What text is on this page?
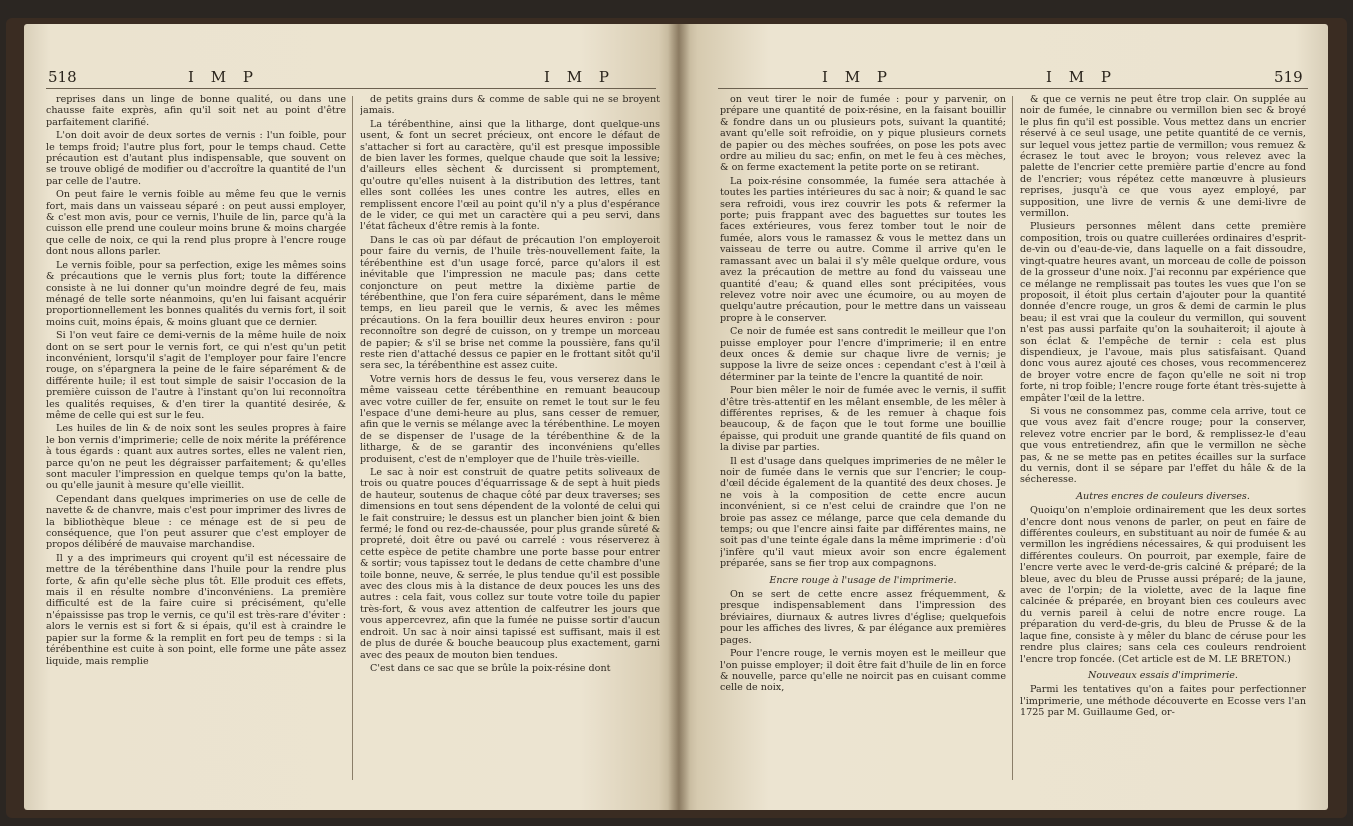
518	I M P	I M P

reprises dans un linge de bonne qualité, ou dans une chausse faite exprès, afin qu'il soit net au point d'être parfaitement clarifié.

L'on doit avoir de deux sortes de vernis : l'un foible, pour le temps froid; l'autre plus fort, pour le temps chaud. Cette précaution est d'autant plus indispensable, que souvent on se trouve obligé de modifier ou d'accroître la quantité de l'un par celle de l'autre.

On peut faire le vernis foible au même feu que le vernis fort, mais dans un vaisseau séparé : on peut aussi employer, & c'est mon avis, pour ce vernis, l'huile de lin, parce qu'à la cuisson elle prend une couleur moins brune & moins chargée que celle de noix, ce qui la rend plus propre à l'encre rouge dont nous allons parler.

Le vernis foible, pour sa perfection, exige les mêmes soins & précautions que le vernis plus fort; toute la différence consiste à ne lui donner qu'un moindre degré de feu, mais ménagé de telle sorte néanmoins, qu'en lui faisant acquérir proportionnellement les bonnes qualités du vernis fort, il soit moins cuit, moins épais, & moins gluant que ce dernier.

Si l'on veut faire ce demi-vernis de la même huile de noix dont on se sert pour le vernis fort, ce qui n'est qu'un petit inconvénient, lorsqu'il s'agit de l'employer pour faire l'encre rouge, on s'épargnera la peine de le faire séparément & de différente huile; il est tout simple de saisir l'occasion de la première cuisson de l'autre à l'instant qu'on lui reconnoîtra les qualités requises, & d'en tirer la quantité desirée, & même de celle qui est sur le feu.

Les huiles de lin & de noix sont les seules propres à faire le bon vernis d'imprimerie; celle de noix mérite la préférence à tous égards : quant aux autres sortes, elles ne valent rien, parce qu'on ne peut les dégraisser parfaitement; & qu'elles sont maculer l'impression en quelque temps qu'on la batte, ou qu'elle jaunit à mesure qu'elle vieillit.

Cependant dans quelques imprimeries on use de celle de navette & de chanvre, mais c'est pour imprimer des livres de la bibliothèque bleue : ce ménage est de si peu de conséquence, que l'on peut assurer que c'est employer de propos délibéré de mauvaise marchandise.

Il y a des imprimeurs qui croyent qu'il est nécessaire de mettre de la térébenthine dans l'huile pour la rendre plus forte, & afin qu'elle sèche plus tôt. Elle produit ces effets, mais il en résulte nombre d'inconvéniens. La première difficulté est de la faire cuire si précisément, qu'elle n'épaississe pas trop le vernis, ce qu'il est très-rare d'éviter : alors le vernis est si fort & si épais, qu'il est à craindre le papier sur la forme & la remplit en fort peu de temps : si la térébenthine est cuite à son point, elle forme une pâte assez liquide, mais remplie

de petits grains durs & comme de sable qui ne se broyent jamais.

La térébenthine, ainsi que la litharge, dont quelque-uns usent, & font un secret précieux, ont encore le défaut de s'attacher si fort au caractère, qu'il est presque impossible de bien laver les formes, quelque chaude que soit la lessive; d'ailleurs elles sèchent & durcissent si promptement, qu'outre qu'elles nuisent à la distribution des lettres, tant elles sont collées les unes contre les autres, elles en remplissent encore l'œil au point qu'il n'y a plus d'espérance de le vider, ce qui met un caractère qui a peu servi, dans l'état fâcheux d'être remis à la fonte.

Dans le cas où par défaut de précaution l'on employeroit pour faire du vernis, de l'huile très-nouvellement faite, la térébenthine est d'un usage forcé, parce qu'alors il est inévitable que l'impression ne macule pas; dans cette conjoncture on peut mettre la dixième partie de térébenthine, que l'on fera cuire séparément, dans le même temps, en lieu pareil que le vernis, & avec les mêmes précautions. On la fera bouillir deux heures environ : pour reconnoître son degré de cuisson, on y trempe un morceau de papier; & s'il se brise net comme la poussière, fans qu'il reste rien d'attaché dessus ce papier en le frottant sitôt qu'il sera sec, la térébenthine est assez cuite.

Votre vernis hors de dessus le feu, vous verserez dans le même vaisseau cette térébenthine en remuant beaucoup avec votre cuiller de fer, ensuite on remet le tout sur le feu l'espace d'une demi-heure au plus, sans cesser de remuer, afin que le vernis se mélange avec la térébenthine. Le moyen de se dispenser de l'usage de la térébenthine & de la litharge, & de se garantir des inconvéniens qu'elles produisent, c'est de n'employer que de l'huile très-vieille.

Le sac à noir est construit de quatre petits soliveaux de trois ou quatre pouces d'équarrissage & de sept à huit pieds de hauteur, soutenus de chaque côté par deux traverses; ses dimensions en tout sens dépendent de la volonté de celui qui le fait construire; le dessus est un plancher bien joint & bien fermé; le fond ou rez-de-chaussée, pour plus grande sûreté & propreté, doit être ou pavé ou carrelé : vous réserverez à cette espèce de petite chambre une porte basse pour entrer & sortir; vous tapissez tout le dedans de cette chambre d'une toile bonne, neuve, & serrée, le plus tendue qu'il est possible avec des clous mis à la distance de deux pouces les uns des autres : cela fait, vous collez sur toute votre toile du papier très-fort, & vous avez attention de calfeutrer les jours que vous appercevrez, afin que la fumée ne puisse sortir d'aucun endroit. Un sac à noir ainsi tapissé est suffisant, mais il est de plus de durée & bouche beaucoup plus exactement, garni avec des peaux de mouton bien tendues.

C'est dans ce sac que se brûle la poix-résine dont

I M P	I M P	519

on veut tirer le noir de fumée : pour y parvenir, on prépare une quantité de poix-résine, en la faisant bouillir & fondre dans un ou plusieurs pots, suivant la quantité; avant qu'elle soit refroidie, on y pique plusieurs cornets de papier ou des mèches soufrées, on pose les pots avec ordre au milieu du sac; enfin, on met le feu à ces mèches, & on ferme exactement la petite porte on se retirant.

La poix-résine consommée, la fumée sera attachée à toutes les parties intérieures du sac à noir; & quand le sac sera refroidi, vous irez couvrir les pots & refermer la porte; puis frappant avec des baguettes sur toutes les faces extérieures, vous ferez tomber tout le noir de fumée, alors vous le ramassez & vous le mettez dans un vaisseau de terre ou autre. Comme il arrive qu'en le ramassant avec un balai il s'y mêle quelque ordure, vous avez la précaution de mettre au fond du vaisseau une quantité d'eau; & quand elles sont précipitées, vous relevez votre noir avec une écumoire, ou au moyen de quelqu'autre précaution, pour le mettre dans un vaisseau propre à le conserver.

Ce noir de fumée est sans contredit le meilleur que l'on puisse employer pour l'encre d'imprimerie; il en entre deux onces & demie sur chaque livre de vernis; je suppose la livre de seize onces : cependant c'est à l'œil à déterminer par la teinte de l'encre la quantité de noir.

Pour bien mêler le noir de fumée avec le vernis, il suffit d'être très-attentif en les mêlant ensemble, de les mêler à différentes reprises, & de les remuer à chaque fois beaucoup, & de façon que le tout forme une bouillie épaisse, qui produit une grande quantité de fils quand on la divise par parties.

Il est d'usage dans quelques imprimeries de ne mêler le noir de fumée dans le vernis que sur l'encrier; le coup-d'œil décide également de la quantité des deux choses. Je ne vois à la composition de cette encre aucun inconvénient, si ce n'est celui de craindre que l'on ne broie pas assez ce mélange, parce que cela demande du temps; ou que l'encre ainsi faite par différentes mains, ne soit pas d'une teinte égale dans la même imprimerie : d'où j'infère qu'il vaut mieux avoir son encre également préparée, sans se fier trop aux compagnons.

Encre rouge à l'usage de l'imprimerie.

On se sert de cette encre assez fréquemment, & presque indispensablement dans l'impression des bréviaires, diurnaux & autres livres d'église; quelquefois pour les affiches des livres, & par élégance aux premières pages.

Pour l'encre rouge, le vernis moyen est le meilleur que l'on puisse employer; il doit être fait d'huile de lin en force & nouvelle, parce qu'elle ne noircit pas en cuisant comme celle de noix,

& que ce vernis ne peut être trop clair. On supplée au noir de fumée, le cinnabre ou vermillon bien sec & broyé le plus fin qu'il est possible. Vous mettez dans un encrier réservé à ce seul usage, une petite quantité de ce vernis, sur lequel vous jettez partie de vermillon; vous remuez & écrasez le tout avec le broyon; vous relevez avec la palette de l'encrier cette première partie d'encre au fond de l'encrier; vous répétez cette manœuvre à plusieurs reprises, jusqu'à ce que vous ayez employé, par supposition, une livre de vernis & une demi-livre de vermillon.

Plusieurs personnes mêlent dans cette première composition, trois ou quatre cuillerées ordinaires d'esprit-de-vin ou d'eau-de-vie, dans laquelle on a fait dissoudre, vingt-quatre heures avant, un morceau de colle de poisson de la grosseur d'une noix. J'ai reconnu par expérience que ce mélange ne remplissait pas toutes les vues que l'on se proposoit, il étoit plus certain d'ajouter pour la quantité donnée d'encre rouge, un gros & demi de carmin le plus beau; il est vrai que la couleur du vermillon, qui souvent n'est pas aussi parfaite qu'on la souhaiteroit; il ajoute à son éclat & l'empêche de ternir : cela est plus dispendieux, je l'avoue, mais plus satisfaisant. Quand donc vous aurez ajouté ces choses, vous recommencerez de broyer votre encre de façon qu'elle ne soit ni trop forte, ni trop foible; l'encre rouge forte étant très-sujette à empâter l'œil de la lettre.

Si vous ne consommez pas, comme cela arrive, tout ce que vous avez fait d'encre rouge; pour la conserver, relevez votre encrier par le bord, & remplissez-le d'eau que vous entretiendrez, afin que le vermillon ne sèche pas, & ne se mette pas en petites écailles sur la surface du vernis, dont il se sépare par l'effet du hâle & de la sécheresse.

Autres encres de couleurs diverses.

Quoiqu'on n'emploie ordinairement que les deux sortes d'encre dont nous venons de parler, on peut en faire de différentes couleurs, en substituant au noir de fumée & au vermillon les ingrédiens nécessaires, & qui produisent les différentes couleurs. On pourroit, par exemple, faire de l'encre verte avec le verd-de-gris calciné & préparé; de la bleue, avec du bleu de Prusse aussi préparé; de la jaune, avec de l'orpin; de la violette, avec de la laque fine calcinée & préparée, en broyant bien ces couleurs avec du vernis pareil à celui de notre encre rouge. La préparation du verd-de-gris, du bleu de Prusse & de la laque fine, consiste à y mêler du blanc de céruse pour les rendre plus claires; sans cela ces couleurs rendroient l'encre trop foncée. (Cet article est de M. LE BRETON.)

Nouveaux essais d'imprimerie.

Parmi les tentatives qu'on a faites pour perfectionner l'imprimerie, une méthode découverte en Ecosse vers l'an 1725 par M. Guillaume Ged, or-
